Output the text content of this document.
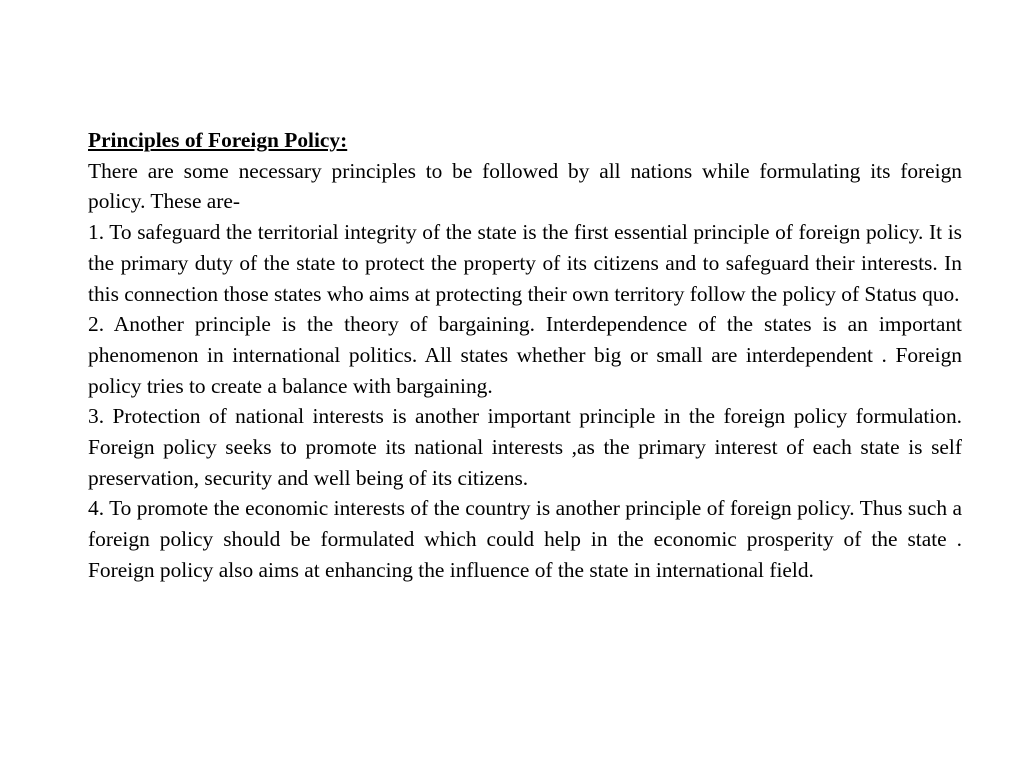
Principles of Foreign Policy:

There are some necessary principles to be followed by all nations while formulating its foreign policy. These are-

1. To safeguard the territorial integrity of the state is the first essential principle of foreign policy. It is the primary duty of the state to protect the property of its citizens and to safeguard their interests. In this connection those states who aims at protecting their own territory follow the policy of Status quo.

2. Another principle is the theory of bargaining. Interdependence of the states is an important phenomenon in international politics. All states whether big or small are interdependent . Foreign policy tries to create a balance with bargaining.

3. Protection of national interests is another important principle in the foreign policy formulation. Foreign policy seeks to promote its national interests ,as the primary interest of each state is self preservation, security and well being of its citizens.

4. To promote the economic interests of the country is another principle of foreign policy. Thus such a foreign policy should be formulated which could help in the economic prosperity of the state . Foreign policy also aims at enhancing the influence of the state in international field.
